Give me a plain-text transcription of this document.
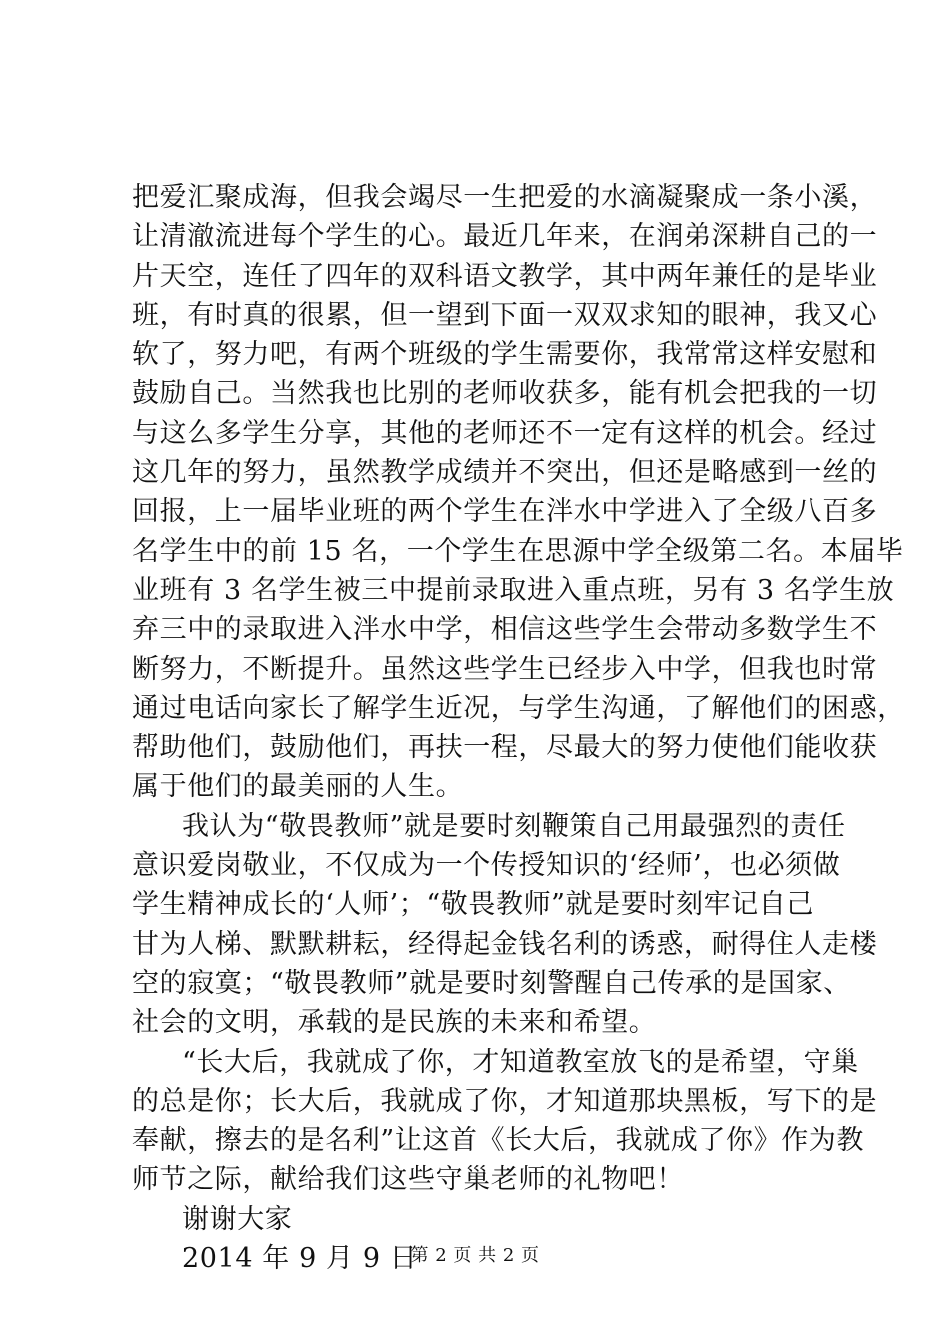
把爱汇聚成海，但我会竭尽一生把爱的水滴凝聚成一条小溪，
让清澈流进每个学生的心。最近几年来，在润弟深耕自己的一
片天空，连任了四年的双科语文教学，其中两年兼任的是毕业
班，有时真的很累，但一望到下面一双双求知的眼神，我又心
软了，努力吧，有两个班级的学生需要你，我常常这样安慰和
鼓励自己。当然我也比别的老师收获多，能有机会把我的一切
与这么多学生分享，其他的老师还不一定有这样的机会。经过
这几年的努力，虽然教学成绩并不突出，但还是略感到一丝的
回报，上一届毕业班的两个学生在泮水中学进入了全级八百多
名学生中的前 15 名，一个学生在思源中学全级第二名。本届毕
业班有 3 名学生被三中提前录取进入重点班，另有 3 名学生放
弃三中的录取进入泮水中学，相信这些学生会带动多数学生不
断努力，不断提升。虽然这些学生已经步入中学，但我也时常
通过电话向家长了解学生近况，与学生沟通，了解他们的困惑，
帮助他们，鼓励他们，再扶一程，尽最大的努力使他们能收获
属于他们的最美丽的人生。
我认为“敬畏教师”就是要时刻鞭策自己用最强烈的责任
意识爱岗敬业，不仅成为一个传授知识的‘经师’，也必须做
学生精神成长的‘人师’；“敬畏教师”就是要时刻牢记自己
甘为人梯、默默耕耘，经得起金钱名利的诱惑，耐得住人走楼
空的寂寞；“敬畏教师”就是要时刻警醒自己传承的是国家、
社会的文明，承载的是民族的未来和希望。
“长大后，我就成了你，才知道教室放飞的是希望，守巢
的总是你；长大后，我就成了你，才知道那块黑板，写下的是
奉献，擦去的是名利”让这首《长大后，我就成了你》作为教
师节之际，献给我们这些守巢老师的礼物吧！
谢谢大家
2014 年 9 月 9 日
第 2 页 共 2 页
